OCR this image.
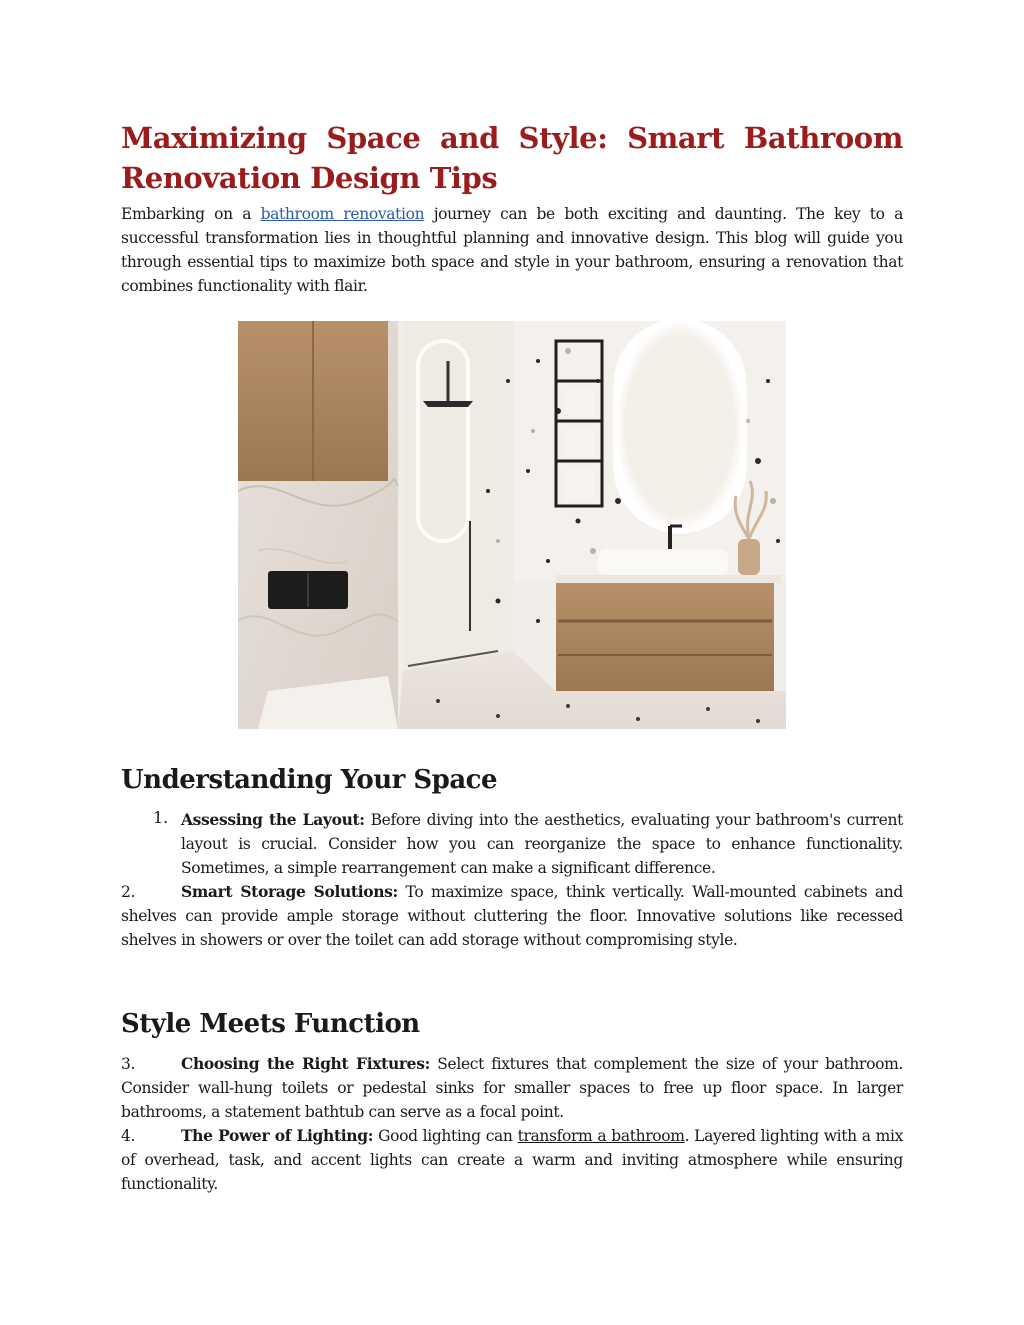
Maximizing Space and Style: Smart Bathroom Renovation Design Tips

Embarking on a bathroom renovation journey can be both exciting and daunting. The key to a successful transformation lies in thoughtful planning and innovative design. This blog will guide you through essential tips to maximize both space and style in your bathroom, ensuring a renovation that combines functionality with flair.

Understanding Your Space
1. Assessing the Layout: Before diving into the aesthetics, evaluating your bathroom's current layout is crucial. Consider how you can reorganize the space to enhance functionality. Sometimes, a simple rearrangement can make a significant difference.

2.	Smart Storage Solutions: To maximize space, think vertically. Wall-mounted cabinets and shelves can provide ample storage without cluttering the floor. Innovative solutions like recessed shelves in showers or over the toilet can add storage without compromising style.

Style Meets Function

3.	Choosing the Right Fixtures: Select fixtures that complement the size of your bathroom. Consider wall-hung toilets or pedestal sinks for smaller spaces to free up floor space. In larger bathrooms, a statement bathtub can serve as a focal point.

4.	The Power of Lighting: Good lighting can transform a bathroom. Layered lighting with a mix of overhead, task, and accent lights can create a warm and inviting atmosphere while ensuring functionality.
